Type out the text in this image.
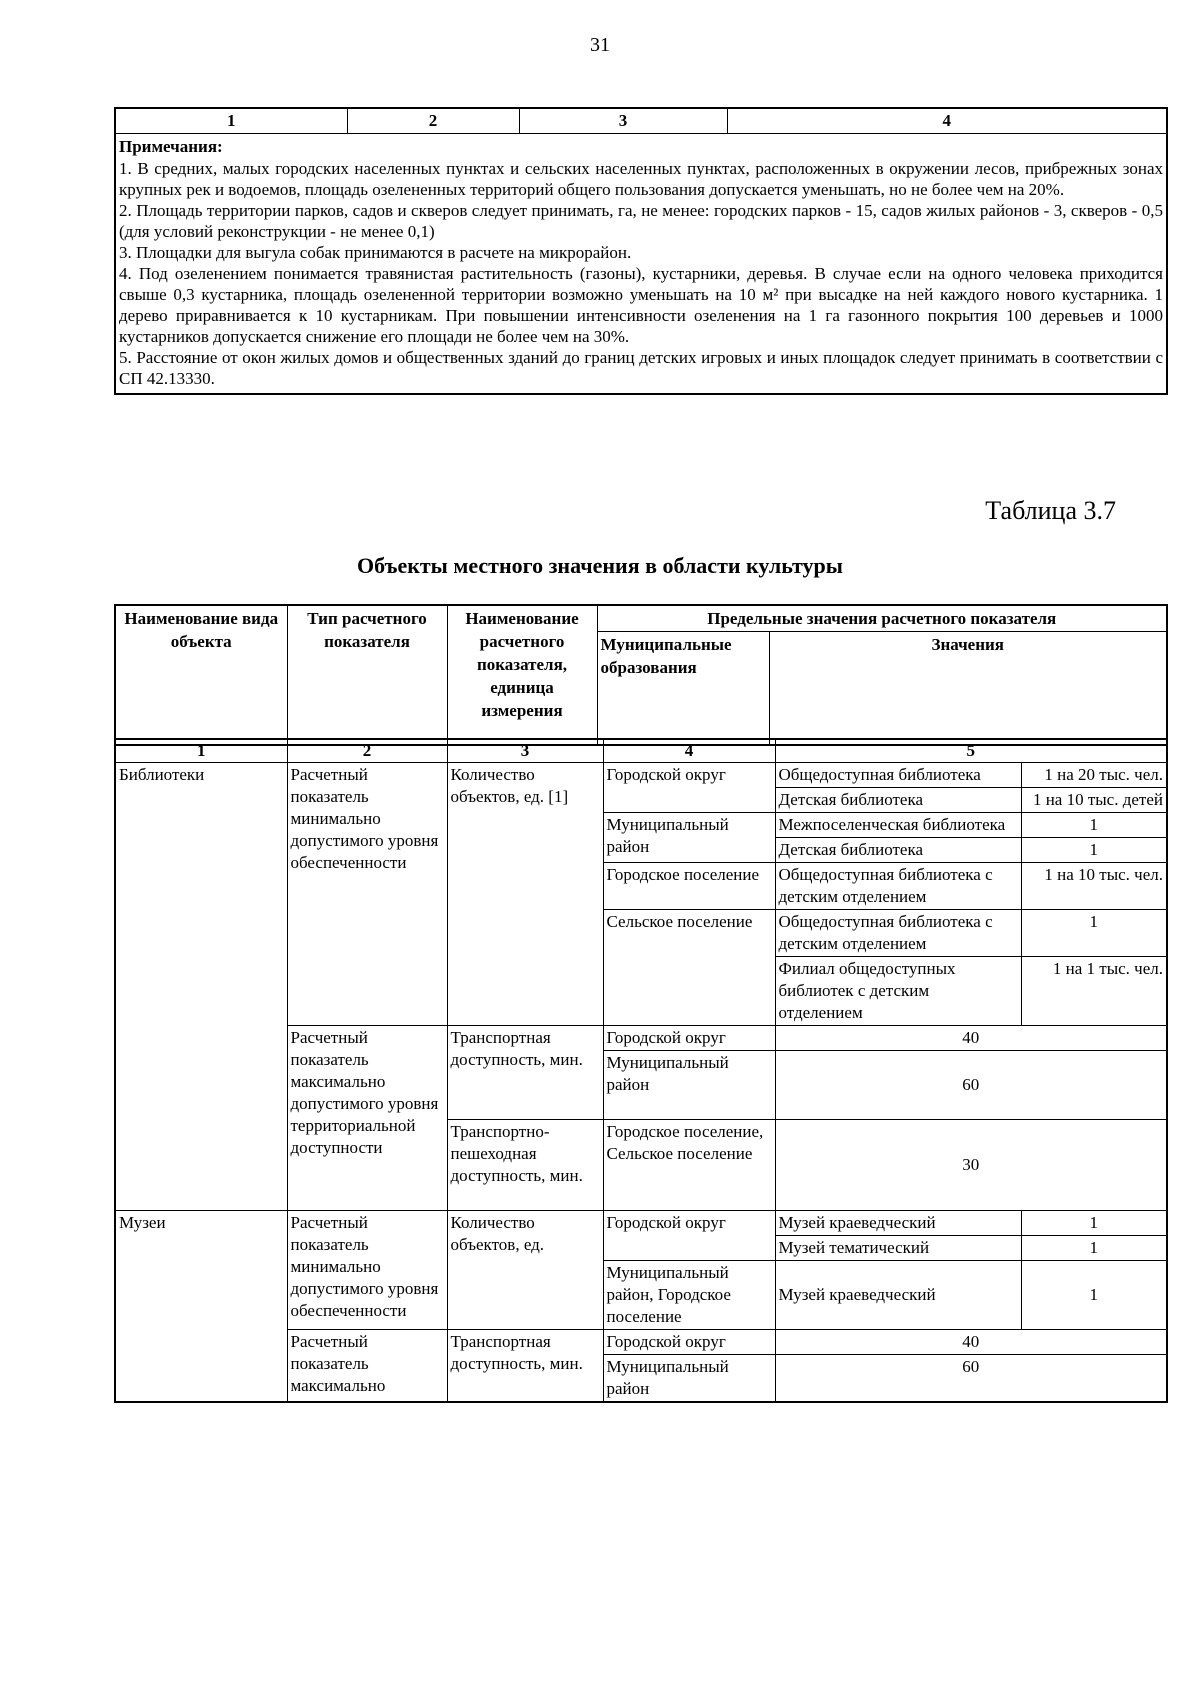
31
1	2	3	4

Примечания:
1. В средних, малых городских населенных пунктах и сельских населенных пунктах, расположенных в окружении лесов, прибрежных зонах крупных рек и водоемов, площадь озелененных территорий общего пользования допускается уменьшать, но не более чем на 20%.
2. Площадь территории парков, садов и скверов следует принимать, га, не менее: городских парков - 15, садов жилых районов - 3, скверов - 0,5 (для условий реконструкции - не менее 0,1)
3. Площадки для выгула собак принимаются в расчете на микрорайон.
4. Под озеленением понимается травянистая растительность (газоны), кустарники, деревья. В случае если на одного человека приходится свыше 0,3 кустарника, площадь озелененной территории возможно уменьшать на 10 м² при высадке на ней каждого нового кустарника. 1 дерево приравнивается к 10 кустарникам. При повышении интенсивности озеленения на 1 га газонного покрытия 100 деревьев и 1000 кустарников допускается снижение его площади не более чем на 30%.
5. Расстояние от окон жилых домов и общественных зданий до границ детских игровых и иных площадок следует принимать в соответствии с СП 42.13330.
Таблица 3.7
Объекты местного значения в области культуры
Наименование вида объекта	Тип расчетного показателя	Наименование расчетного показателя, единица измерения	Предельные значения расчетного показателя	
			Муниципальные образования	Значения
1	2	3	4	5	
Библиотеки	Расчетный показатель минимально допустимого уровня обеспеченности	Количество объектов, ед. [1]	Городской округ	Общедоступная библиотека	1 на 20 тыс. чел.
				Детская библиотека	1 на 10 тыс. детей
			Муниципальный район	Межпоселенческая библиотека	1
				Детская библиотека	1
			Городское поселение	Общедоступная библиотека с детским отделением	1 на 10 тыс. чел.
			Сельское поселение	Общедоступная библиотека с детским отделением	1
				Филиал общедоступных библиотек с детским отделением	1 на 1 тыс. чел.
	Расчетный показатель максимально допустимого уровня территориальной доступности	Транспортная доступность, мин.	Городской округ	40	
			Муниципальный район	60	

		Транспортно-пешеходная доступность, мин.	Городское поселение, Сельское поселение	30	

Музеи	Расчетный показатель минимально допустимого уровня обеспеченности	Количество объектов, ед.	Городской округ	Музей краеведческий	1
				Музей тематический	1
			Муниципальный район, Городское поселение	Музей краеведческий	1
	Расчетный показатель максимально	Транспортная доступность, мин.	Городской округ	40	
			Муниципальный район	60	
